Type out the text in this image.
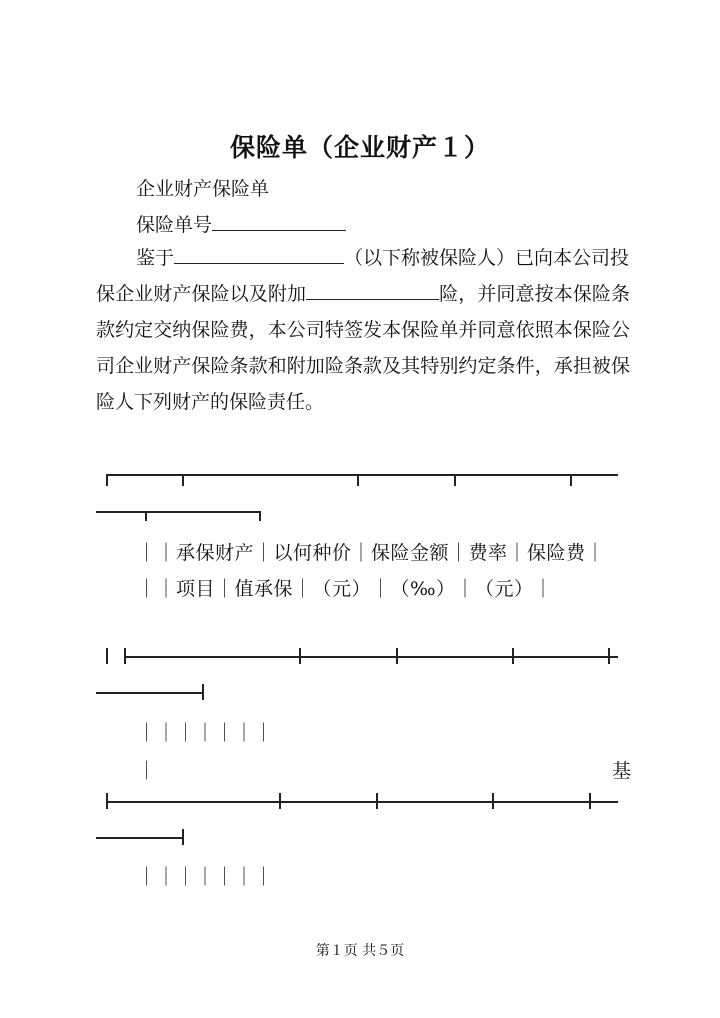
保险单（企业财产１）
企业财产保险单
保险单号
鉴于	（以下称被保险人）已向本公司投
保企业财产保险以及附加	险，并同意按本保险条 款约定交纳保险费，本公司特签发本保险单并同意依照本保险公司企业财产保险条款和附加险条款及其特别约定条件，承担被保险人下列财产的保险责任。
｜｜承保财产｜以何种价｜保险金额｜费率｜保险费｜
｜｜项目｜值承保｜（元）｜（‰）｜（元）｜
｜｜｜｜｜｜｜
｜	基
｜｜｜｜｜｜｜
第１页 共５页
